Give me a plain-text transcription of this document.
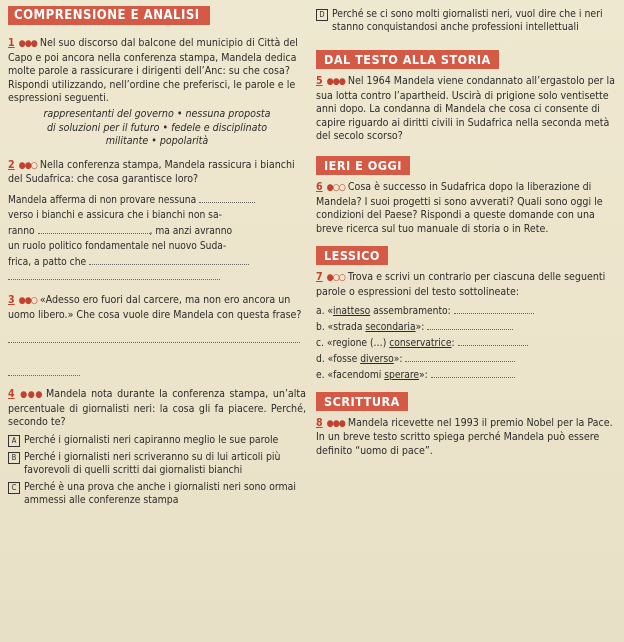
COMPRENSIONE E ANALISI

1 ●●● Nel suo discorso dal balcone del municipio di Città del Capo e poi ancora nella conferenza stampa, Mandela dedica molte parole a rassicurare i dirigenti dell’Anc: su che cosa? Rispondi utilizzando, nell’ordine che preferisci, le parole e le espressioni seguenti.

rappresentanti del governo • nessuna proposta

di soluzioni per il futuro • fedele e disciplinato

militante • popolarità

2 ●●○ Nella conferenza stampa, Mandela rassicura i bianchi del Sudafrica: che cosa garantisce loro?

Mandela afferma di non provare nessuna
verso i bianchi e assicura che i bianchi non sa-
ranno	, ma anzi avranno
un ruolo politico fondamentale nel nuovo Suda-
frica, a patto che

3 ●●○ «Adesso ero fuori dal carcere, ma non ero ancora un uomo libero.» Che cosa vuole dire Mandela con questa frase?

4 ●●● Mandela nota durante la conferenza stampa, un’alta percentuale di giornalisti neri: la cosa gli fa piacere. Perché, secondo te?

A Perché i giornalisti neri capiranno meglio le sue parole
B Perché i giornalisti neri scriveranno su di lui articoli più favorevoli di quelli scritti dai giornalisti bianchi
C Perché è una prova che anche i giornalisti neri sono ormai ammessi alle conferenze stampa
D Perché se ci sono molti giornalisti neri, vuol dire che i neri stanno conquistandosi anche professioni intellettuali
DAL TESTO ALLA STORIA

5 ●●● Nel 1964 Mandela viene condannato all’ergastolo per la sua lotta contro l’apartheid. Uscirà di prigione solo ventisette anni dopo. La condanna di Mandela che cosa ci consente di capire riguardo ai diritti civili in Sudafrica nella seconda metà del secolo scorso?

IERI E OGGI

6 ●○○ Cosa è successo in Sudafrica dopo la liberazione di Mandela? I suoi progetti si sono avverati? Quali sono oggi le condizioni del Paese? Rispondi a queste domande con una breve ricerca sul tuo manuale di storia o in Rete.

LESSICO

7 ●○○ Trova e scrivi un contrario per ciascuna delle seguenti parole o espressioni del testo sottolineate:

a. «inatteso assembramento:
b. «strada secondaria»:
c. «regione (…) conservatrice:
d. «fosse diverso»:
e. «facendomi sperare»:
SCRITTURA

8 ●●● Mandela ricevette nel 1993 il premio Nobel per la Pace. In un breve testo scritto spiega perché Mandela può essere definito “uomo di pace”.
